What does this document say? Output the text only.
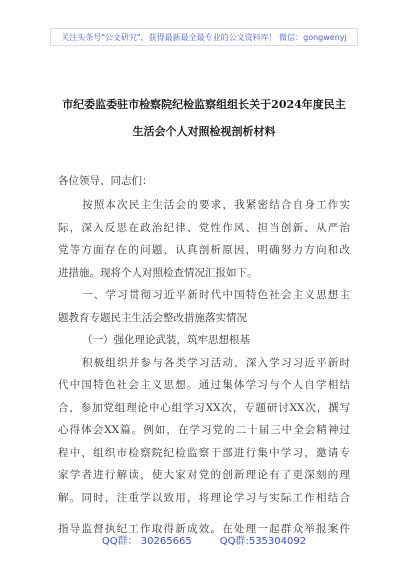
关注头条号"公文研究"，获得最新最全最专业的公文资料库！ 微信：gongwenyj
市纪委监委驻市检察院纪检监察组组长关于2024年度民主
生活会个人对照检视剖析材料
各位领导、同志们：
按照本次民主生活会的要求，我紧密结合自身工作实
际，深入反思在政治纪律、党性作风、担当创新、从严治
党等方面存在的问题，认真剖析原因，明确努力方向和改
进措施。现将个人对照检查情况汇报如下。
一、学习贯彻习近平新时代中国特色社会主义思想主
题教育专题民主生活会整改措施落实情况
（一）强化理论武装，筑牢思想根基
积极组织并参与各类学习活动，深入学习习近平新时
代中国特色社会主义思想。通过集体学习与个人自学相结
合，参加党组理论中心组学习XX次，专题研讨XX次，撰写
心得体会XX篇。例如，在学习党的二十届三中全会精神过
程中，组织市检察院纪检监察干部进行集中学习，邀请专
家学者进行解读，使大家对党的创新理论有了更深刻的理
解。同时，注重学以致用，将理论学习与实际工作相结合
QQ群： 30265665	QQ群:535304092
指导监督执纪工作取得新成效。在处理一起群众举报案件
